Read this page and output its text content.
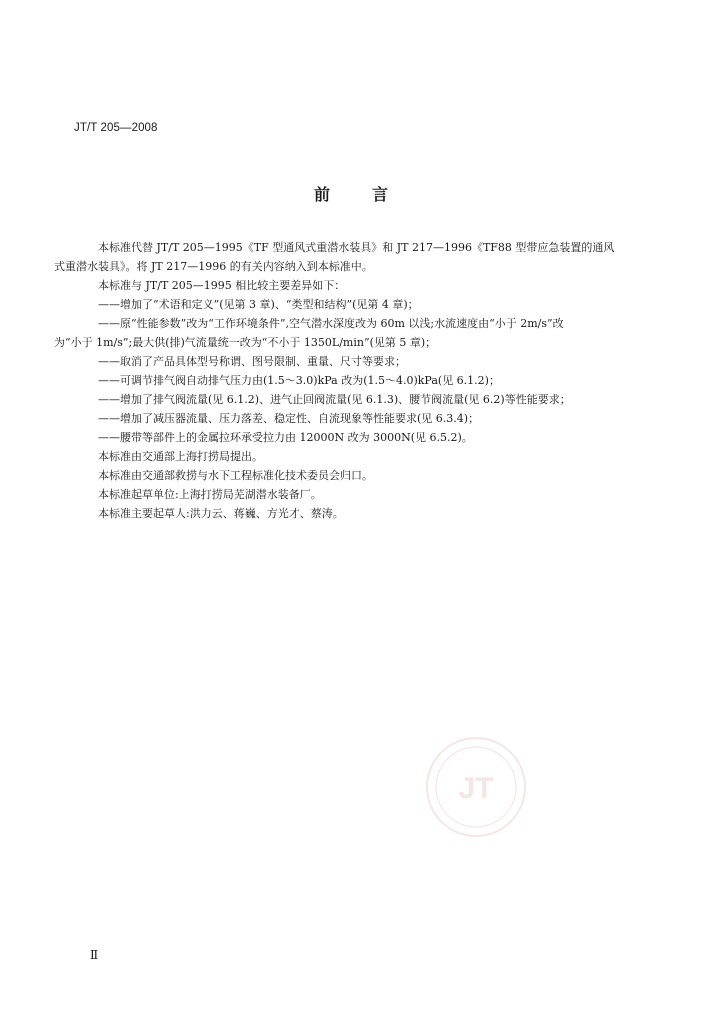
JT/T 205—2008
前	言

本标准代替 JT/T 205—1995《TF 型通风式重潜水装具》和 JT 217—1996《TF88 型带应急装置的通风
式重潜水装具》。将 JT 217—1996 的有关内容纳入到本标准中。

本标准与 JT/T 205—1995 相比较主要差异如下：

——增加了“术语和定义”(见第 3 章)、“类型和结构”(见第 4 章)；

——原“性能参数”改为“工作环境条件”,空气潜水深度改为 60m 以浅;水流速度由“小于 2m/s”改
为“小于 1m/s”;最大供(排)气流量统一改为“不小于 1350L/min”(见第 5 章)；

——取消了产品具体型号称谓、图号限制、重量、尺寸等要求；

——可调节排气阀自动排气压力由(1.5～3.0)kPa 改为(1.5～4.0)kPa(见 6.1.2)；

——增加了排气阀流量(见 6.1.2)、进气止回阀流量(见 6.1.3)、腰节阀流量(见 6.2)等性能要求；

——增加了减压器流量、压力落差、稳定性、自流现象等性能要求(见 6.3.4)；

——腰带等部件上的金属拉环承受拉力由 12000N 改为 3000N(见 6.5.2)。

本标准由交通部上海打捞局提出。

本标准由交通部救捞与水下工程标准化技术委员会归口。

本标准起草单位:上海打捞局芜湖潜水装备厂。

本标准主要起草人:洪力云、蒋巍、方光才、蔡涛。

JT
Ⅱ
